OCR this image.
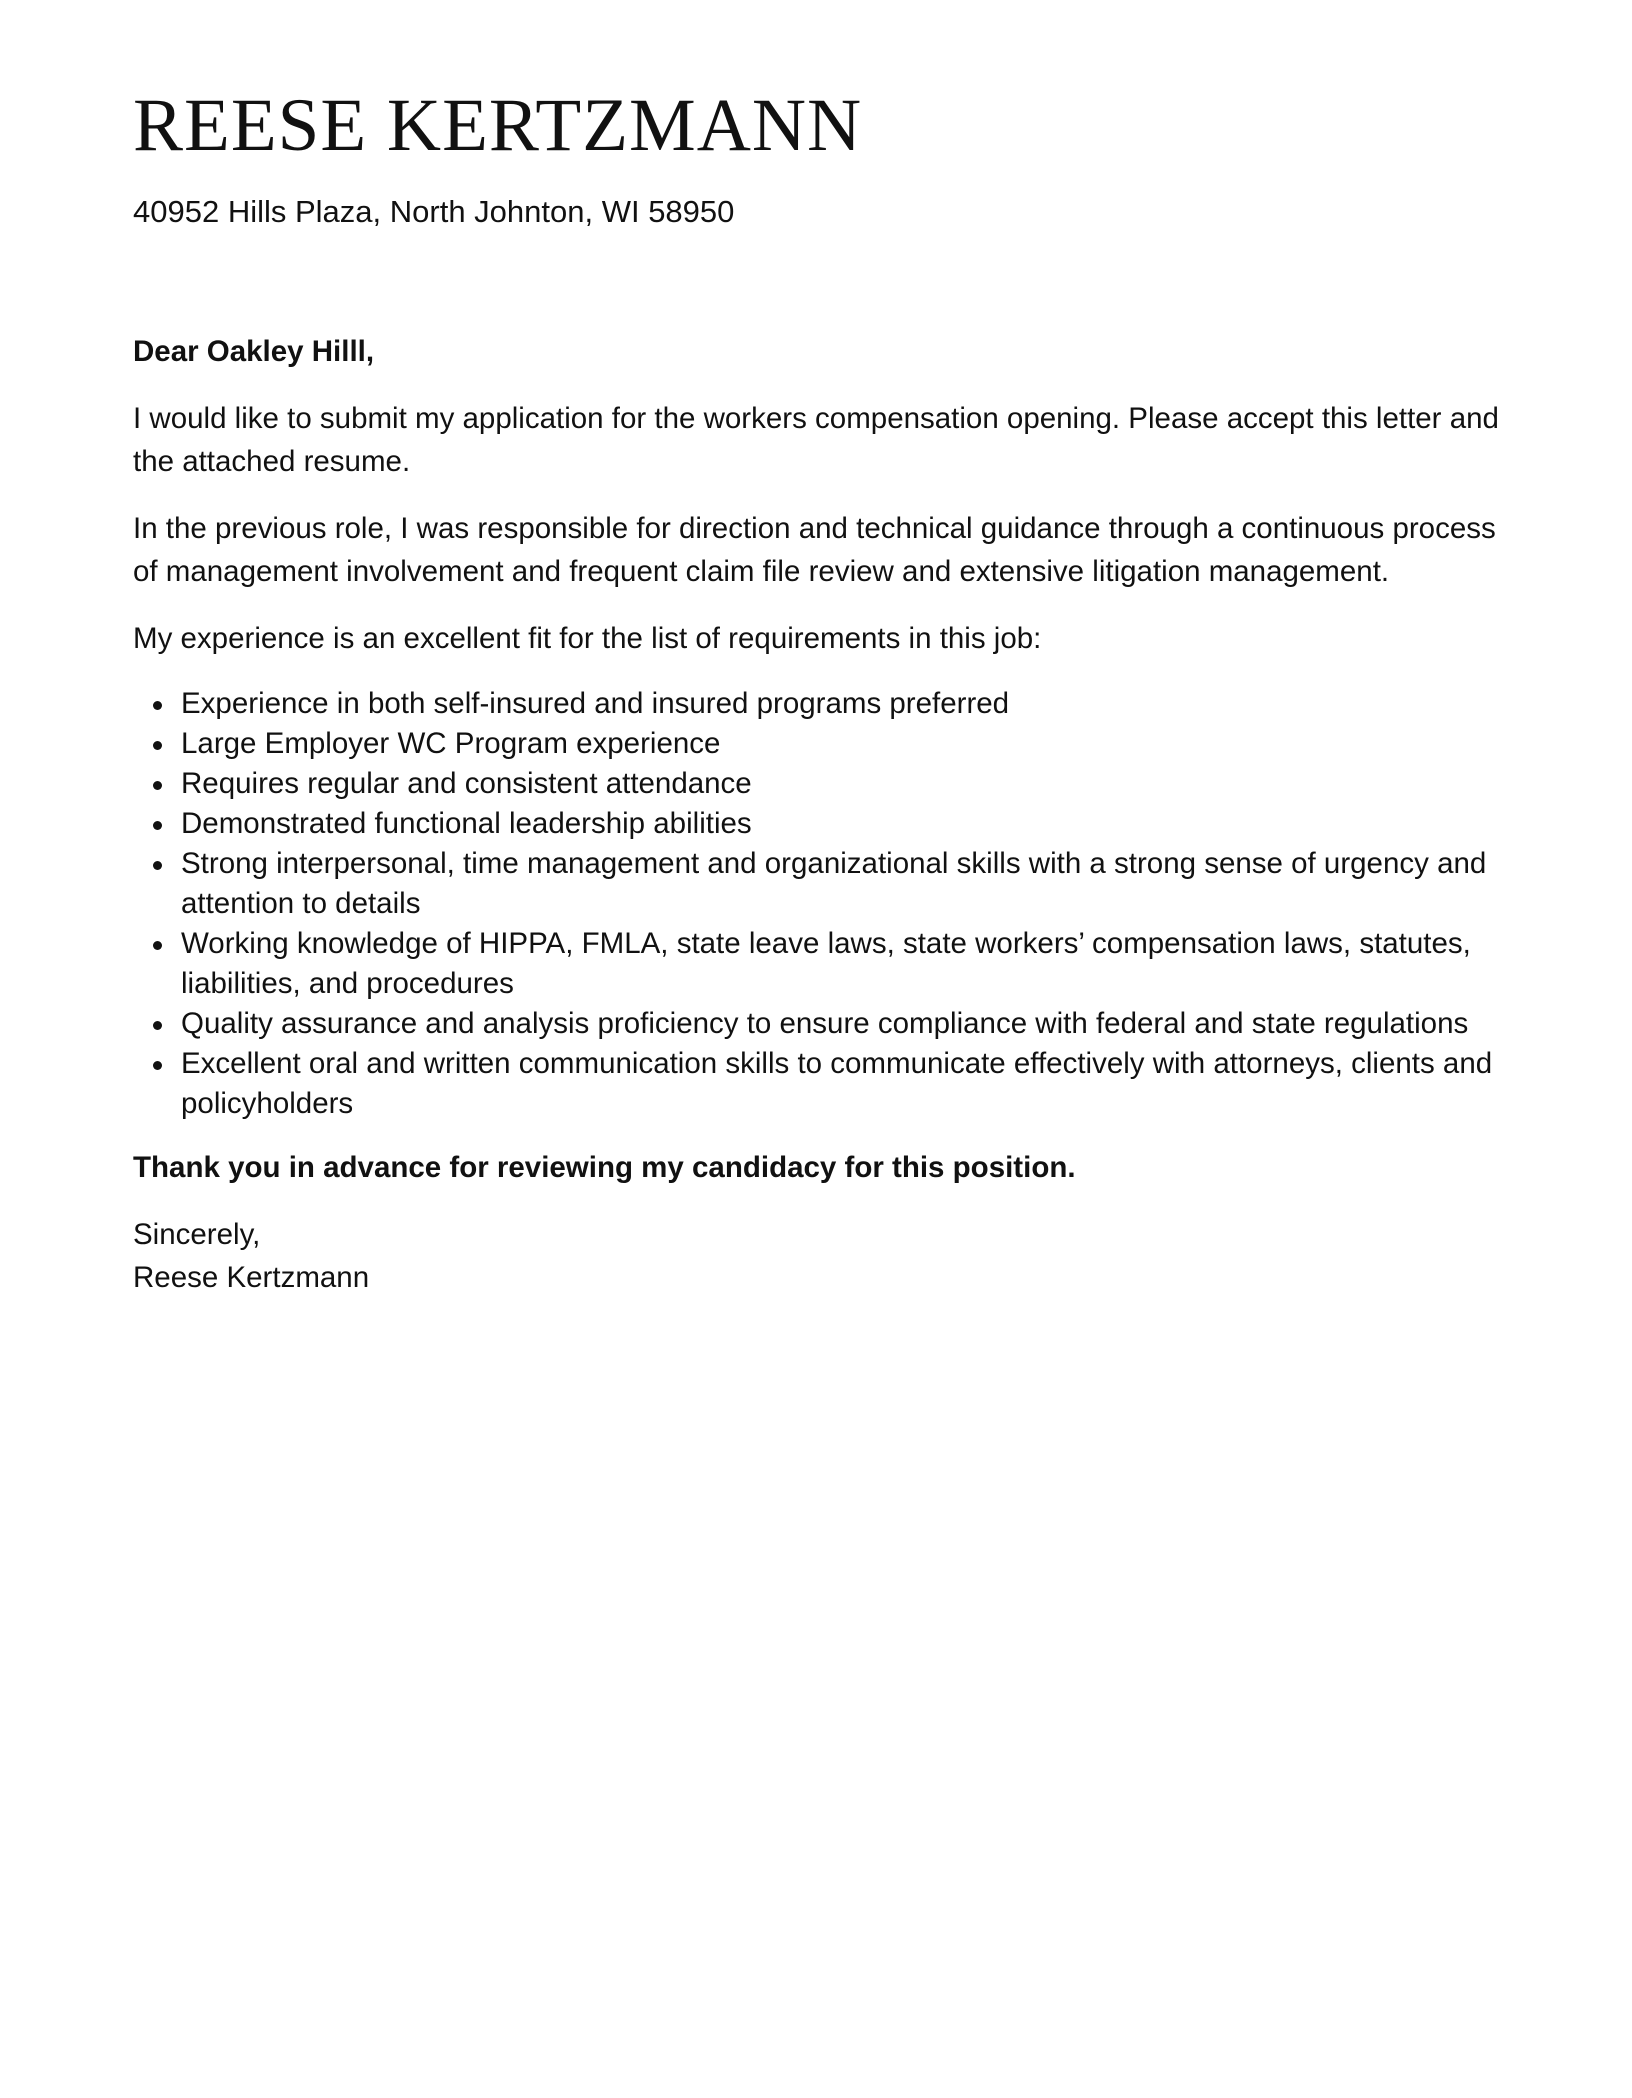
REESE KERTZMANN
40952 Hills Plaza, North Johnton, WI 58950

Dear Oakley Hilll,

I would like to submit my application for the workers compensation opening. Please accept this letter and the attached resume.

In the previous role, I was responsible for direction and technical guidance through a continuous process of management involvement and frequent claim file review and extensive litigation management.

My experience is an excellent fit for the list of requirements in this job:

Experience in both self-insured and insured programs preferred
Large Employer WC Program experience
Requires regular and consistent attendance
Demonstrated functional leadership abilities
Strong interpersonal, time management and organizational skills with a strong sense of urgency and attention to details
Working knowledge of HIPPA, FMLA, state leave laws, state workers’ compensation laws, statutes, liabilities, and procedures
Quality assurance and analysis proficiency to ensure compliance with federal and state regulations
Excellent oral and written communication skills to communicate effectively with attorneys, clients and policyholders

Thank you in advance for reviewing my candidacy for this position.

Sincerely,
Reese Kertzmann
